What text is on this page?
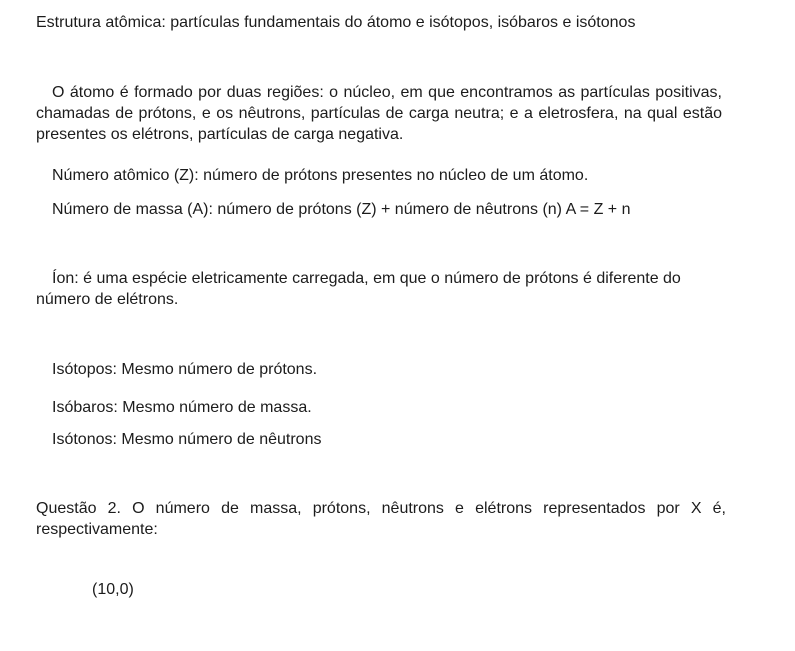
Estrutura atômica: partículas fundamentais do átomo e isótopos, isóbaros e isótonos
O átomo é formado por duas regiões: o núcleo, em que encontramos as partículas positivas, chamadas de prótons, e os nêutrons, partículas de carga neutra; e a eletrosfera, na qual estão presentes os elétrons, partículas de carga negativa.
Número atômico (Z): número de prótons presentes no núcleo de um átomo.
Número de massa (A): número de prótons (Z) + número de nêutrons (n) A = Z + n
Íon: é uma espécie eletricamente carregada, em que o número de prótons é diferente do número de elétrons.
Isótopos: Mesmo número de prótons.
Isóbaros: Mesmo número de massa.
Isótonos: Mesmo número de nêutrons
Questão 2. O número de massa, prótons, nêutrons e elétrons representados por X é, respectivamente:
(10,0)
